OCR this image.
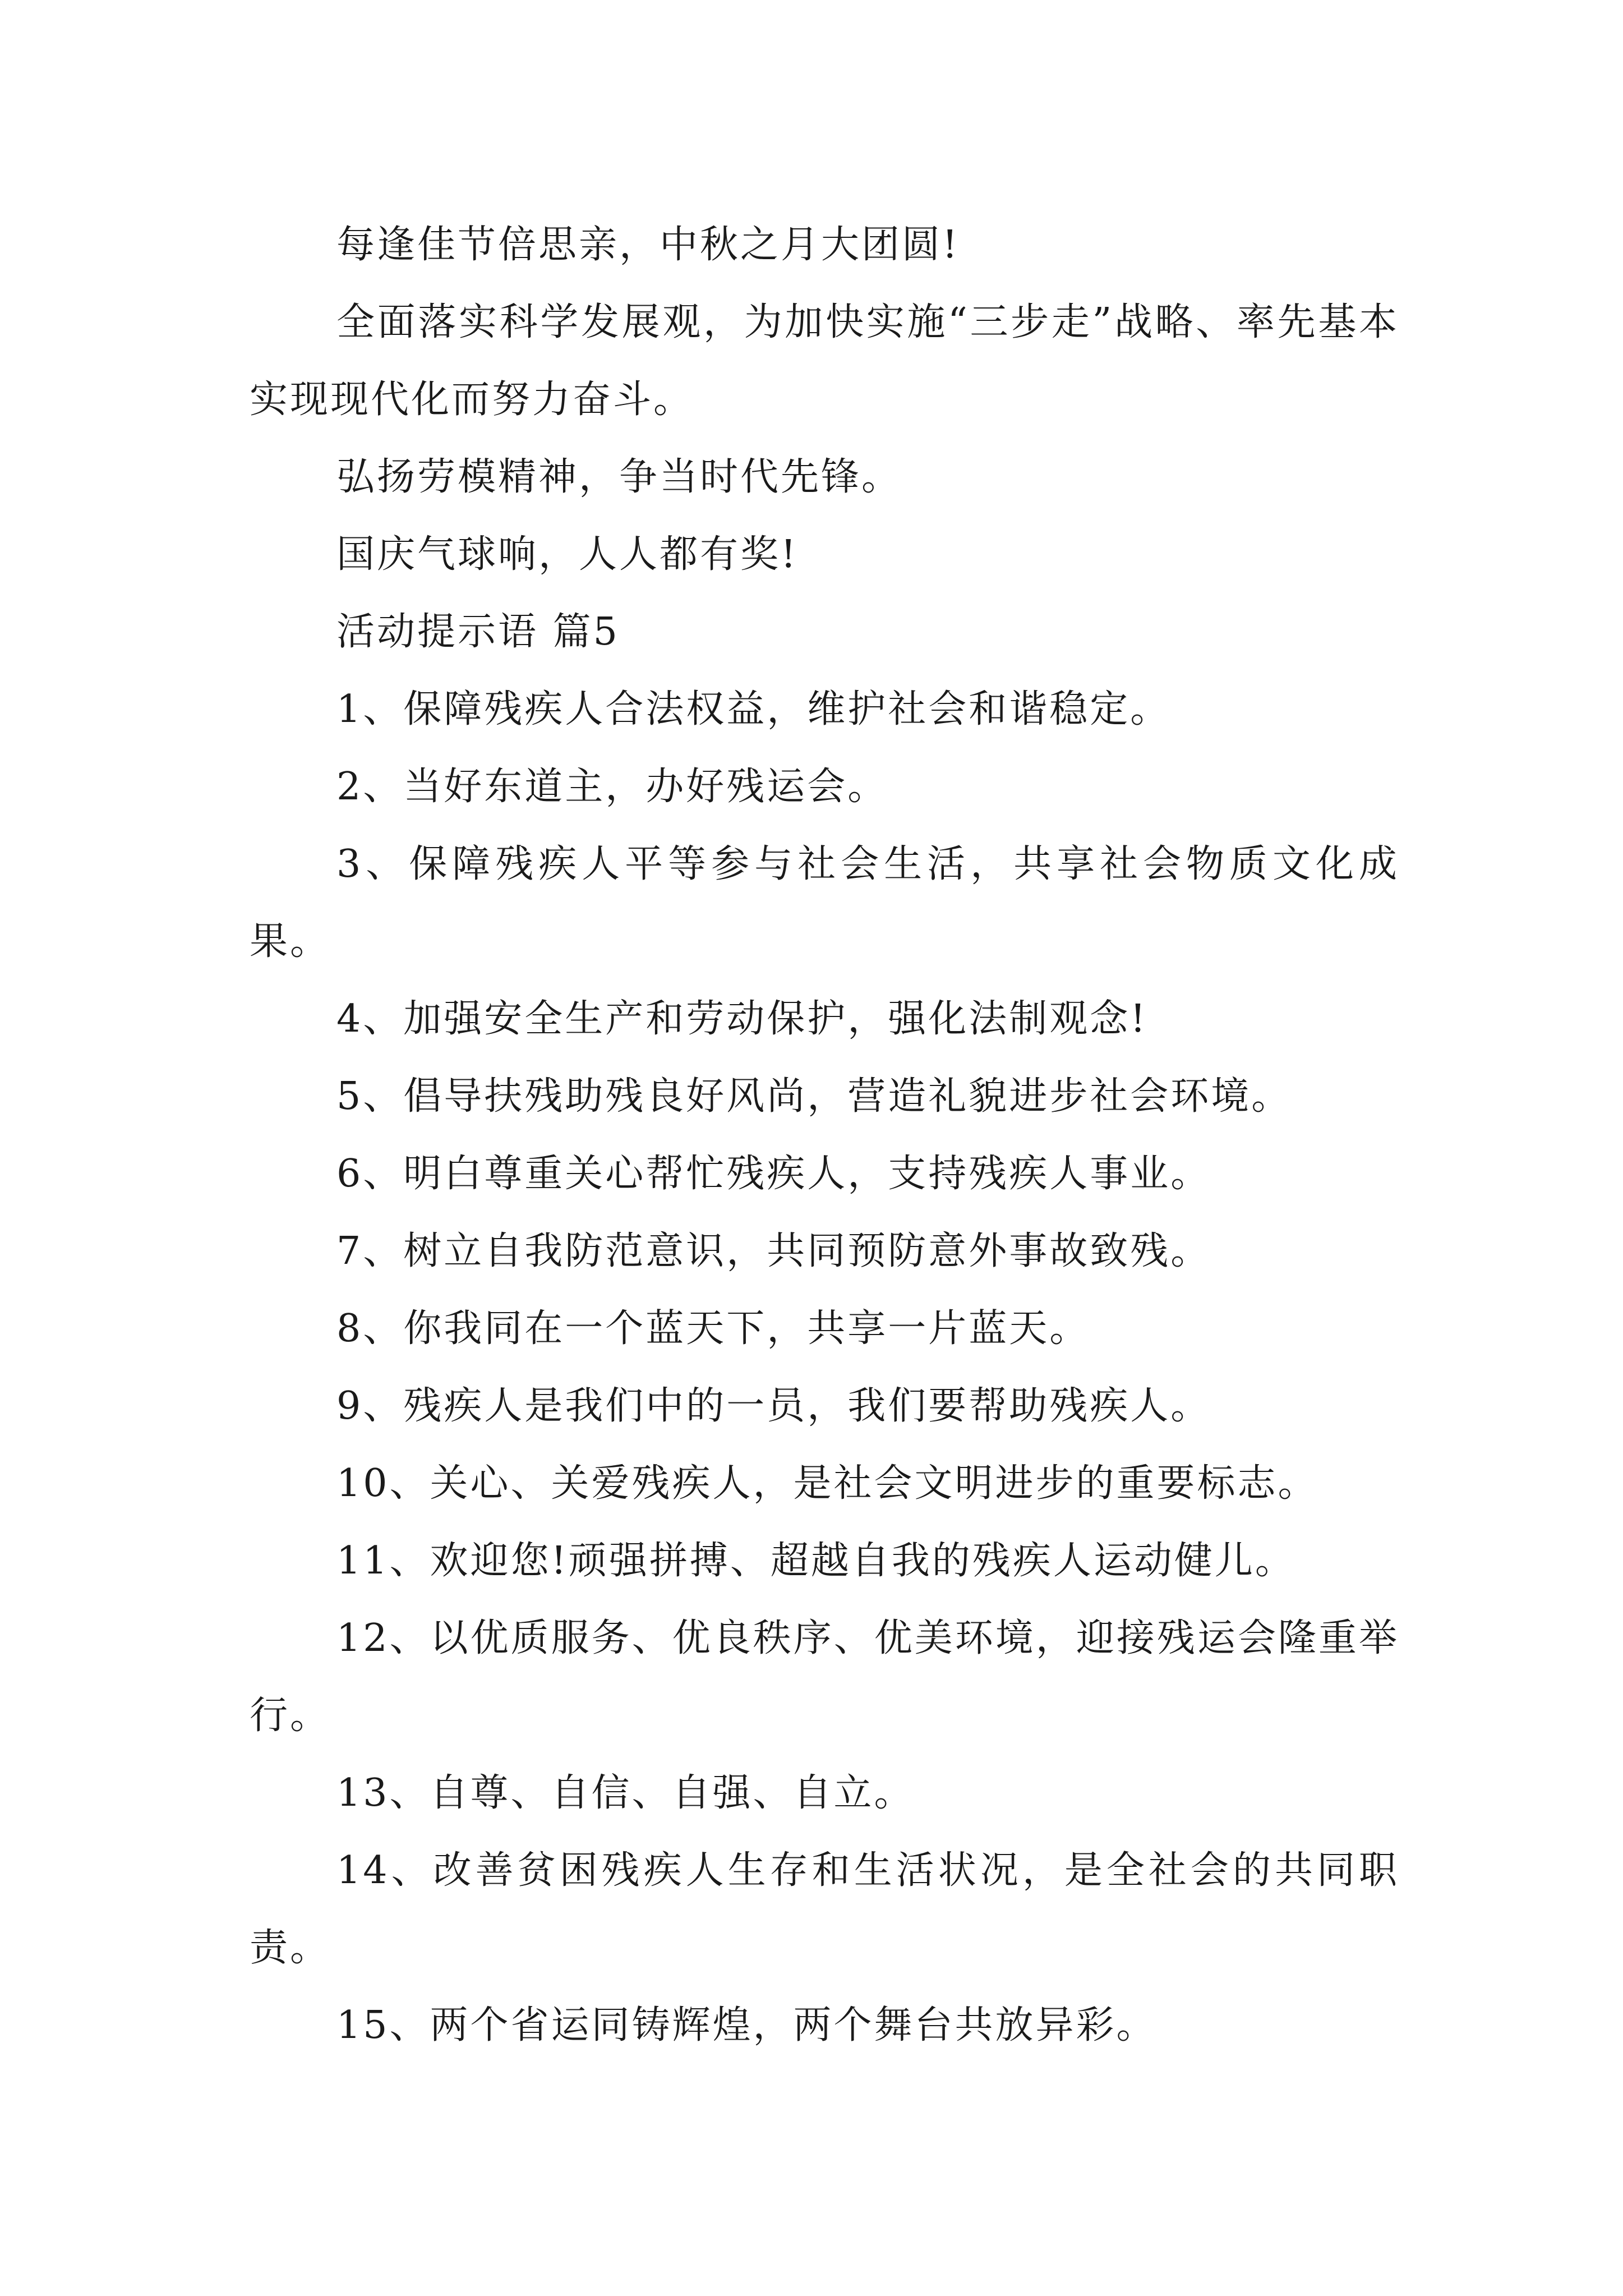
每逢佳节倍思亲，中秋之月大团圆!

全面落实科学发展观，为加快实施“三步走”战略、率先基本实现现代化而努力奋斗。

弘扬劳模精神，争当时代先锋。

国庆气球响，人人都有奖!

活动提示语 篇5

1、保障残疾人合法权益，维护社会和谐稳定。

2、当好东道主，办好残运会。

3、保障残疾人平等参与社会生活，共享社会物质文化成果。

4、加强安全生产和劳动保护，强化法制观念!

5、倡导扶残助残良好风尚，营造礼貌进步社会环境。

6、明白尊重关心帮忙残疾人，支持残疾人事业。

7、树立自我防范意识，共同预防意外事故致残。

8、你我同在一个蓝天下，共享一片蓝天。

9、残疾人是我们中的一员，我们要帮助残疾人。

10、关心、关爱残疾人，是社会文明进步的重要标志。

11、欢迎您!顽强拼搏、超越自我的残疾人运动健儿。

12、以优质服务、优良秩序、优美环境，迎接残运会隆重举行。

13、自尊、自信、自强、自立。

14、改善贫困残疾人生存和生活状况，是全社会的共同职责。

15、两个省运同铸辉煌，两个舞台共放异彩。
